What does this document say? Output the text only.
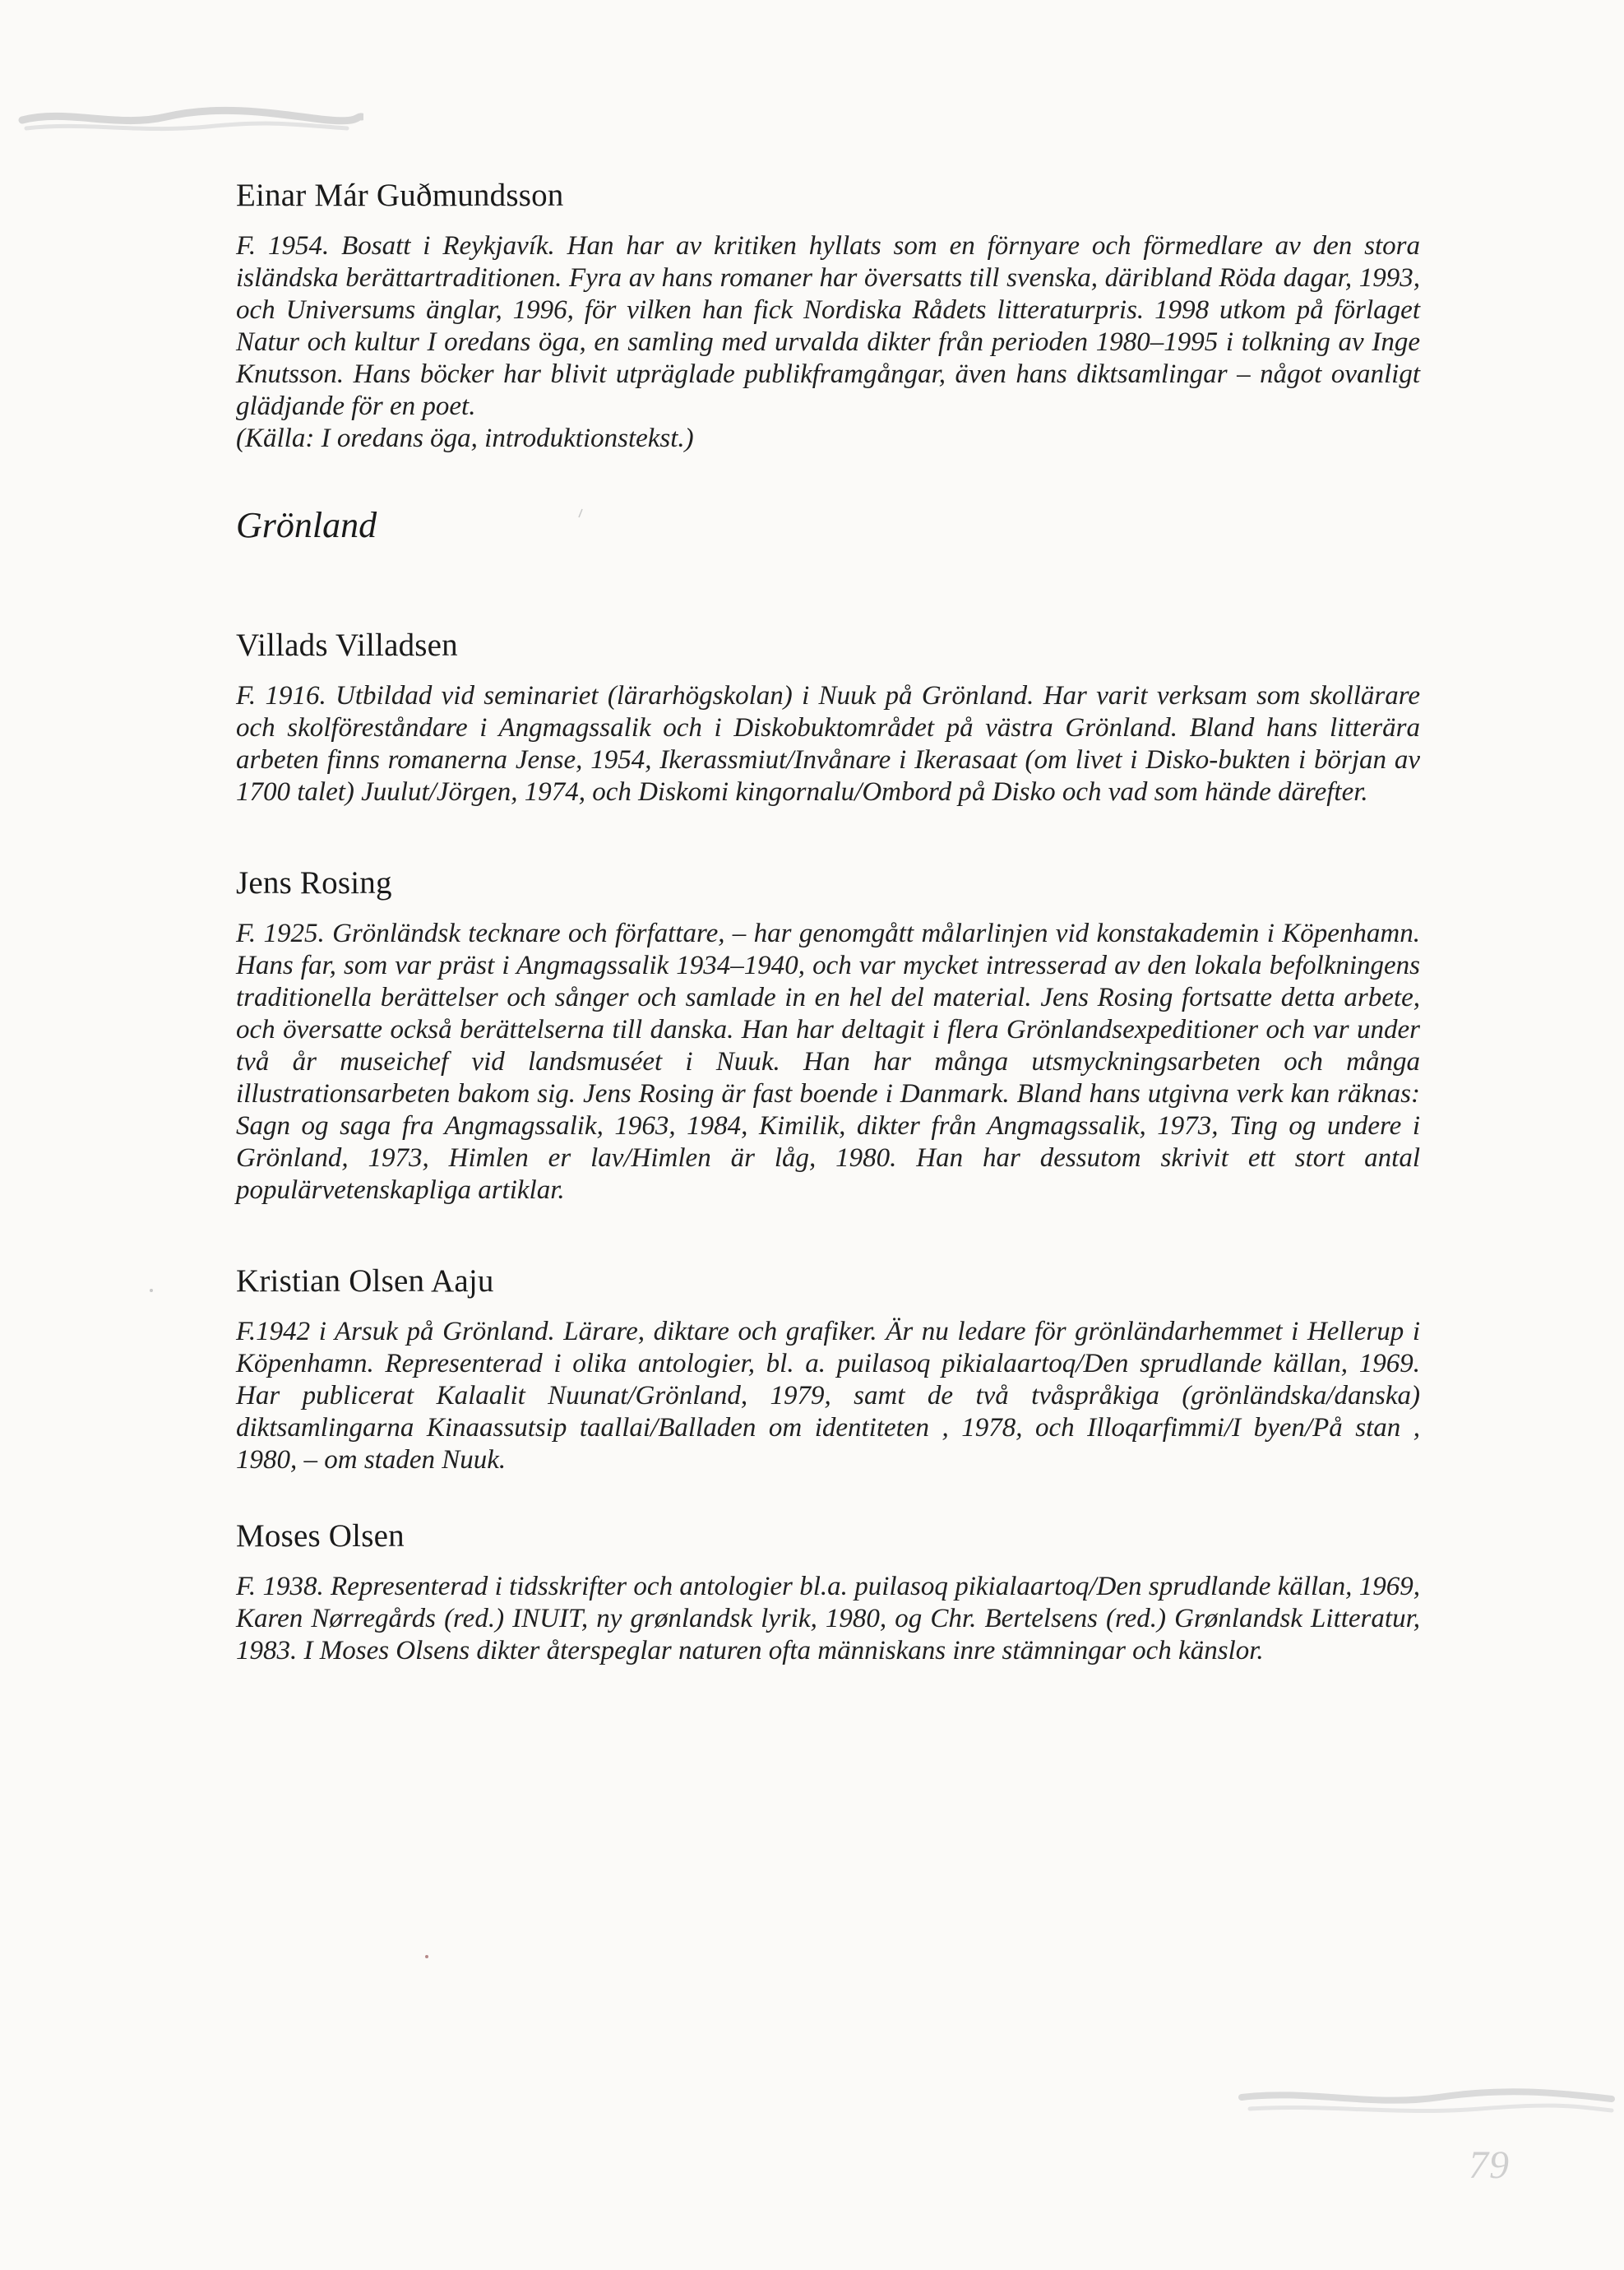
Einar Már Guðmundsson

F. 1954. Bosatt i Reykjavík. Han har av kritiken hyllats som en förnyare och förmedlare av den stora isländska berättartraditionen. Fyra av hans romaner har översatts till svenska, däribland Röda dagar, 1993, och Universums änglar, 1996, för vilken han fick Nordiska Rådets litteraturpris. 1998 utkom på förlaget Natur och kultur I oredans öga, en samling med urvalda dikter från perioden 1980–1995 i tolkning av Inge Knutsson. Hans böcker har blivit utpräglade publikframgångar, även hans diktsamlingar – något ovanligt glädjande för en poet.
(Källa: I oredans öga, introduktionstekst.)

Grönland
Villads Villadsen

F. 1916. Utbildad vid seminariet (lärarhögskolan) i Nuuk på Grönland. Har varit verksam som skollärare och skolföreståndare i Angmagssalik och i Diskobuktområdet på västra Grönland. Bland hans litterära arbeten finns romanerna Jense, 1954, Ikerassmiut/Invånare i Ikerasaat (om livet i Disko-bukten i början av 1700 talet) Juulut/Jörgen, 1974, och Diskomi kingornalu/Ombord på Disko och vad som hände därefter.

Jens Rosing

F. 1925. Grönländsk tecknare och författare, – har genomgått målarlinjen vid konstakademin i Köpenhamn. Hans far, som var präst i Angmagssalik 1934–1940, och var mycket intresserad av den lokala befolkningens traditionella berättelser och sånger och samlade in en hel del material. Jens Rosing fortsatte detta arbete, och översatte också berättelserna till danska. Han har deltagit i flera Grönlandsexpeditioner och var under två år museichef vid landsmuséet i Nuuk. Han har många utsmyckningsarbeten och många illustrationsarbeten bakom sig. Jens Rosing är fast boende i Danmark. Bland hans utgivna verk kan räknas: Sagn og saga fra Angmagssalik, 1963, 1984, Kimilik, dikter från Angmagssalik, 1973, Ting og undere i Grönland, 1973, Himlen er lav/Himlen är låg, 1980. Han har dessutom skrivit ett stort antal populärvetenskapliga artiklar.

Kristian Olsen Aaju

F.1942 i Arsuk på Grönland. Lärare, diktare och grafiker. Är nu ledare för grönländarhemmet i Hellerup i Köpenhamn. Representerad i olika antologier, bl. a. puilasoq pikialaartoq/Den sprudlande källan, 1969. Har publicerat Kalaalit Nuunat/Grönland, 1979, samt de två tvåspråkiga (grönländska/danska) diktsamlingarna Kinaassutsip taallai/Balladen om identiteten , 1978, och Illoqarfimmi/I byen/På stan , 1980, – om staden Nuuk.

Moses Olsen

F. 1938. Representerad i tidsskrifter och antologier bl.a. puilasoq pikialaartoq/Den sprudlande källan, 1969, Karen Nørregårds (red.) INUIT, ny grønlandsk lyrik, 1980, og Chr. Bertelsens (red.) Grønlandsk Litteratur, 1983. I Moses Olsens dikter återspeglar naturen ofta människans inre stämningar och känslor.

79
